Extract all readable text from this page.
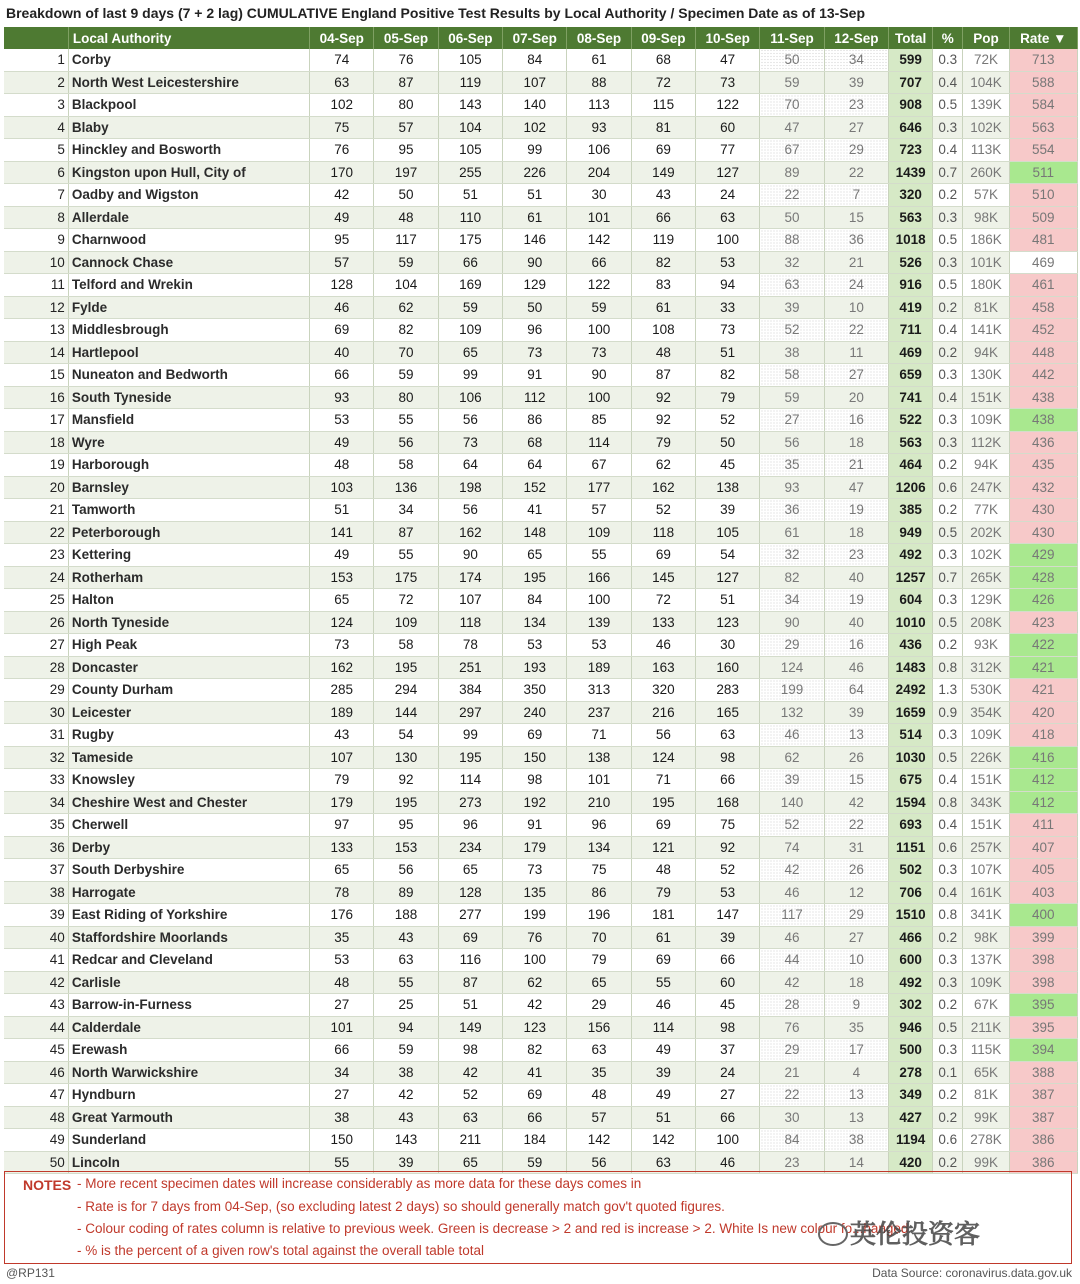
Breakdown of last 9 days (7 + 2 lag) CUMULATIVE England Positive Test Results by Local Authority / Specimen Date as of 13-Sep
	Local Authority	04-Sep	05-Sep	06-Sep	07-Sep	08-Sep	09-Sep	10-Sep	11-Sep	12-Sep	Total	%	Pop	Rate ▼
1	Corby	74	76	105	84	61	68	47	50	34	599	0.3	72K	713
2	North West Leicestershire	63	87	119	107	88	72	73	59	39	707	0.4	104K	588
3	Blackpool	102	80	143	140	113	115	122	70	23	908	0.5	139K	584
4	Blaby	75	57	104	102	93	81	60	47	27	646	0.3	102K	563
5	Hinckley and Bosworth	76	95	105	99	106	69	77	67	29	723	0.4	113K	554
6	Kingston upon Hull, City of	170	197	255	226	204	149	127	89	22	1439	0.7	260K	511
7	Oadby and Wigston	42	50	51	51	30	43	24	22	7	320	0.2	57K	510
8	Allerdale	49	48	110	61	101	66	63	50	15	563	0.3	98K	509
9	Charnwood	95	117	175	146	142	119	100	88	36	1018	0.5	186K	481
10	Cannock Chase	57	59	66	90	66	82	53	32	21	526	0.3	101K	469
11	Telford and Wrekin	128	104	169	129	122	83	94	63	24	916	0.5	180K	461
12	Fylde	46	62	59	50	59	61	33	39	10	419	0.2	81K	458
13	Middlesbrough	69	82	109	96	100	108	73	52	22	711	0.4	141K	452
14	Hartlepool	40	70	65	73	73	48	51	38	11	469	0.2	94K	448
15	Nuneaton and Bedworth	66	59	99	91	90	87	82	58	27	659	0.3	130K	442
16	South Tyneside	93	80	106	112	100	92	79	59	20	741	0.4	151K	438
17	Mansfield	53	55	56	86	85	92	52	27	16	522	0.3	109K	438
18	Wyre	49	56	73	68	114	79	50	56	18	563	0.3	112K	436
19	Harborough	48	58	64	64	67	62	45	35	21	464	0.2	94K	435
20	Barnsley	103	136	198	152	177	162	138	93	47	1206	0.6	247K	432
21	Tamworth	51	34	56	41	57	52	39	36	19	385	0.2	77K	430
22	Peterborough	141	87	162	148	109	118	105	61	18	949	0.5	202K	430
23	Kettering	49	55	90	65	55	69	54	32	23	492	0.3	102K	429
24	Rotherham	153	175	174	195	166	145	127	82	40	1257	0.7	265K	428
25	Halton	65	72	107	84	100	72	51	34	19	604	0.3	129K	426
26	North Tyneside	124	109	118	134	139	133	123	90	40	1010	0.5	208K	423
27	High Peak	73	58	78	53	53	46	30	29	16	436	0.2	93K	422
28	Doncaster	162	195	251	193	189	163	160	124	46	1483	0.8	312K	421
29	County Durham	285	294	384	350	313	320	283	199	64	2492	1.3	530K	421
30	Leicester	189	144	297	240	237	216	165	132	39	1659	0.9	354K	420
31	Rugby	43	54	99	69	71	56	63	46	13	514	0.3	109K	418
32	Tameside	107	130	195	150	138	124	98	62	26	1030	0.5	226K	416
33	Knowsley	79	92	114	98	101	71	66	39	15	675	0.4	151K	412
34	Cheshire West and Chester	179	195	273	192	210	195	168	140	42	1594	0.8	343K	412
35	Cherwell	97	95	96	91	96	69	75	52	22	693	0.4	151K	411
36	Derby	133	153	234	179	134	121	92	74	31	1151	0.6	257K	407
37	South Derbyshire	65	56	65	73	75	48	52	42	26	502	0.3	107K	405
38	Harrogate	78	89	128	135	86	79	53	46	12	706	0.4	161K	403
39	East Riding of Yorkshire	176	188	277	199	196	181	147	117	29	1510	0.8	341K	400
40	Staffordshire Moorlands	35	43	69	76	70	61	39	46	27	466	0.2	98K	399
41	Redcar and Cleveland	53	63	116	100	79	69	66	44	10	600	0.3	137K	398
42	Carlisle	48	55	87	62	65	55	60	42	18	492	0.3	109K	398
43	Barrow-in-Furness	27	25	51	42	29	46	45	28	9	302	0.2	67K	395
44	Calderdale	101	94	149	123	156	114	98	76	35	946	0.5	211K	395
45	Erewash	66	59	98	82	63	49	37	29	17	500	0.3	115K	394
46	North Warwickshire	34	38	42	41	35	39	24	21	4	278	0.1	65K	388
47	Hyndburn	27	42	52	69	48	49	27	22	13	349	0.2	81K	387
48	Great Yarmouth	38	43	63	66	57	51	66	30	13	427	0.2	99K	387
49	Sunderland	150	143	211	184	142	142	100	84	38	1194	0.6	278K	386
50	Lincoln	55	39	65	59	56	63	46	23	14	420	0.2	99K	386
NOTES - More recent specimen dates will increase considerably as more data for these days comes in
- Rate is for 7 days from 04-Sep, (so excluding latest 2 days) so should generally match gov't quoted figures.
- Colour coding of rates column is relative to previous week. Green is decrease > 2 and red is increase > 2. White Is new colour fo...hanged
- % is the percent of a given row's total against the overall table total
英伦投资客
@RP131	Data Source: coronavirus.data.gov.uk
